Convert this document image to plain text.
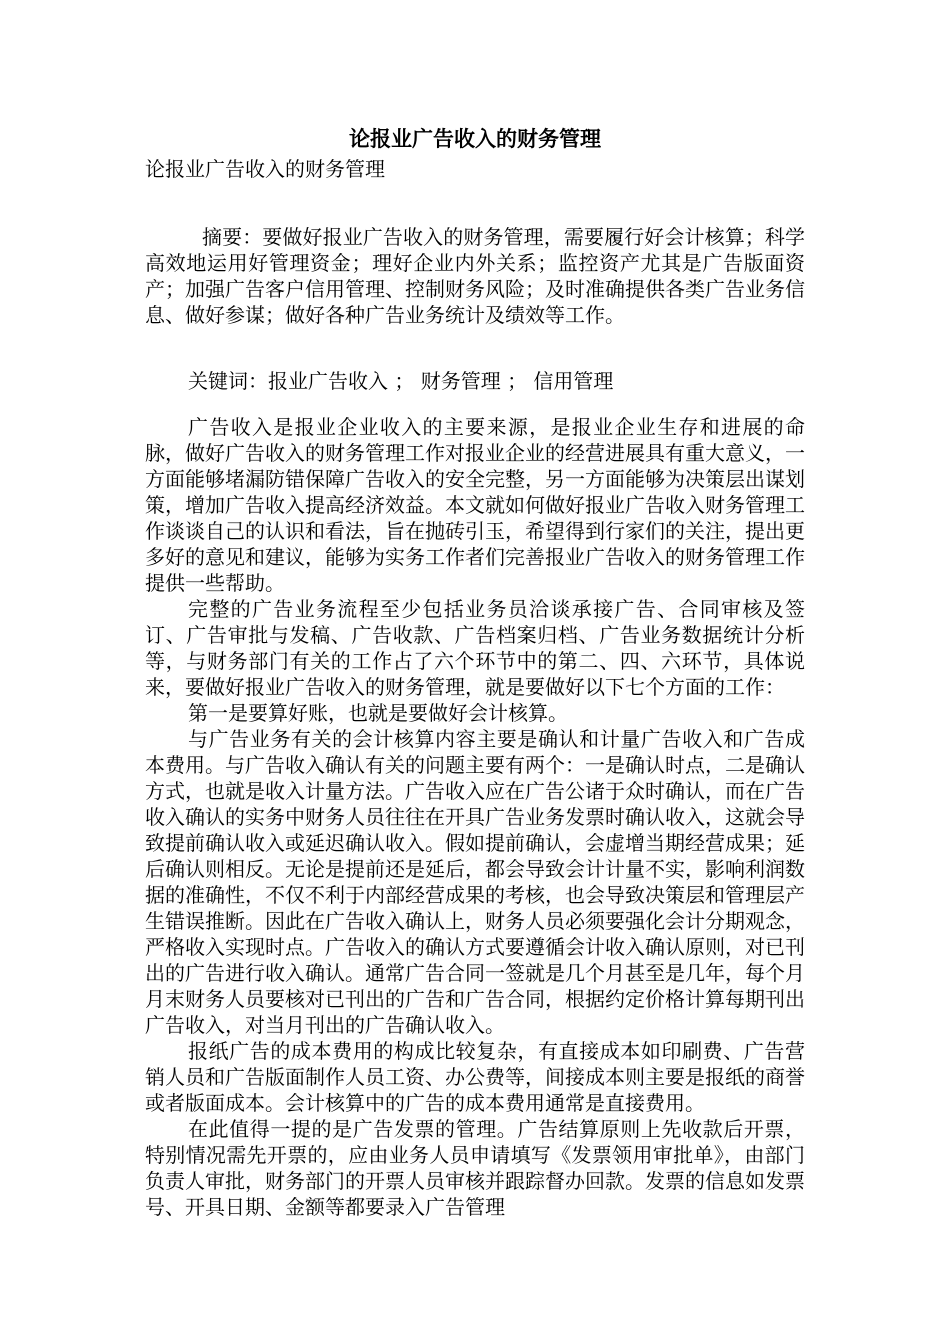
论报业广告收入的财务管理

论报业广告收入的财务管理

摘要：要做好报业广告收入的财务管理，需要履行好会计核算；科学高效地运用好管理资金；理好企业内外关系；监控资产尤其是广告版面资产；加强广告客户信用管理、控制财务风险；及时准确提供各类广告业务信息、做好参谋；做好各种广告业务统计及绩效等工作。

关键词：报业广告收入 ； 财务管理 ； 信用管理

广告收入是报业企业收入的主要来源，是报业企业生存和进展的命脉，做好广告收入的财务管理工作对报业企业的经营进展具有重大意义，一方面能够堵漏防错保障广告收入的安全完整，另一方面能够为决策层出谋划策，增加广告收入提高经济效益。本文就如何做好报业广告收入财务管理工作谈谈自己的认识和看法，旨在抛砖引玉，希望得到行家们的关注，提出更多好的意见和建议，能够为实务工作者们完善报业广告收入的财务管理工作提供一些帮助。

完整的广告业务流程至少包括业务员洽谈承接广告、合同审核及签订、广告审批与发稿、广告收款、广告档案归档、广告业务数据统计分析等，与财务部门有关的工作占了六个环节中的第二、四、六环节，具体说来，要做好报业广告收入的财务管理，就是要做好以下七个方面的工作：

第一是要算好账，也就是要做好会计核算。

与广告业务有关的会计核算内容主要是确认和计量广告收入和广告成本费用。与广告收入确认有关的问题主要有两个：一是确认时点，二是确认方式，也就是收入计量方法。广告收入应在广告公诸于众时确认，而在广告收入确认的实务中财务人员往往在开具广告业务发票时确认收入，这就会导致提前确认收入或延迟确认收入。假如提前确认，会虚增当期经营成果；延后确认则相反。无论是提前还是延后，都会导致会计计量不实，影响利润数据的准确性，不仅不利于内部经营成果的考核，也会导致决策层和管理层产生错误推断。因此在广告收入确认上，财务人员必须要强化会计分期观念，严格收入实现时点。广告收入的确认方式要遵循会计收入确认原则，对已刊出的广告进行收入确认。通常广告合同一签就是几个月甚至是几年，每个月月末财务人员要核对已刊出的广告和广告合同，根据约定价格计算每期刊出广告收入，对当月刊出的广告确认收入。

报纸广告的成本费用的构成比较复杂，有直接成本如印刷费、广告营销人员和广告版面制作人员工资、办公费等，间接成本则主要是报纸的商誉或者版面成本。会计核算中的广告的成本费用通常是直接费用。

在此值得一提的是广告发票的管理。广告结算原则上先收款后开票，特别情况需先开票的，应由业务人员申请填写《发票领用审批单》，由部门负责人审批，财务部门的开票人员审核并跟踪督办回款。发票的信息如发票号、开具日期、金额等都要录入广告管理
